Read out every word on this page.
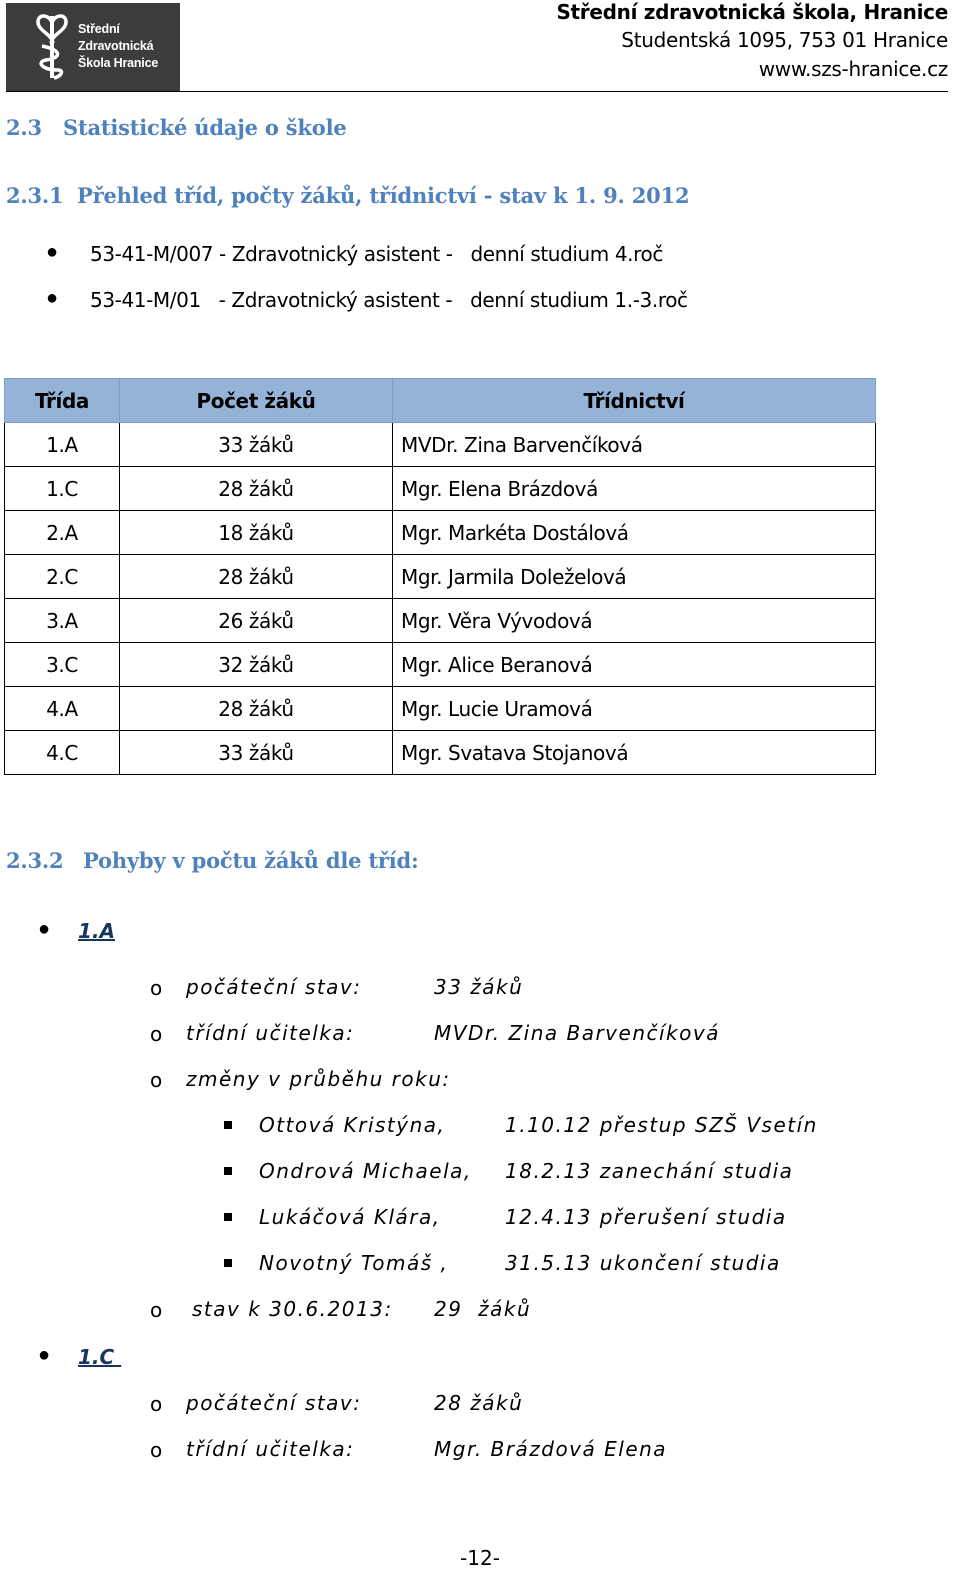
Střední
Zdravotnická
Škola Hranice
Střední zdravotnická škola, Hranice
Studentská 1095, 753 01 Hranice
www.szs-hranice.cz
2.3 Statistické údaje o škole
2.3.1 Přehled tříd, počty žáků, třídnictví - stav k 1. 9. 2012
● 53-41-M/007 - Zdravotnický asistent -   denní studium 4.roč
● 53-41-M/01   - Zdravotnický asistent -   denní studium 1.-3.roč
Třída	Počet žáků	Třídnictví
1.A	33 žáků	MVDr. Zina Barvenčíková
1.C	28 žáků	Mgr. Elena Brázdová
2.A	18 žáků	Mgr. Markéta Dostálová
2.C	28 žáků	Mgr. Jarmila Doleželová
3.A	26 žáků	Mgr. Věra Vývodová
3.C	32 žáků	Mgr. Alice Beranová
4.A	28 žáků	Mgr. Lucie Uramová
4.C	33 žáků	Mgr. Svatava Stojanová
2.3.2 Pohyby v počtu žáků dle tříd:
● 1.A
o počáteční stav:	33 žáků
o třídní učitelka:	MVDr. Zina Barvenčíková
o změny v průběhu roku:
Ottová Kristýna,	1.10.12 přestup SZŠ Vsetín
Ondrová Michaela, 18.2.13 zanechání studia
Lukáčová Klára,	12.4.13 přerušení studia
Novotný Tomáš ,	31.5.13 ukončení studia
o stav k 30.6.2013: 29  žáků
● 1.C
o počáteční stav:	28 žáků
o třídní učitelka:	Mgr. Brázdová Elena
-12-
